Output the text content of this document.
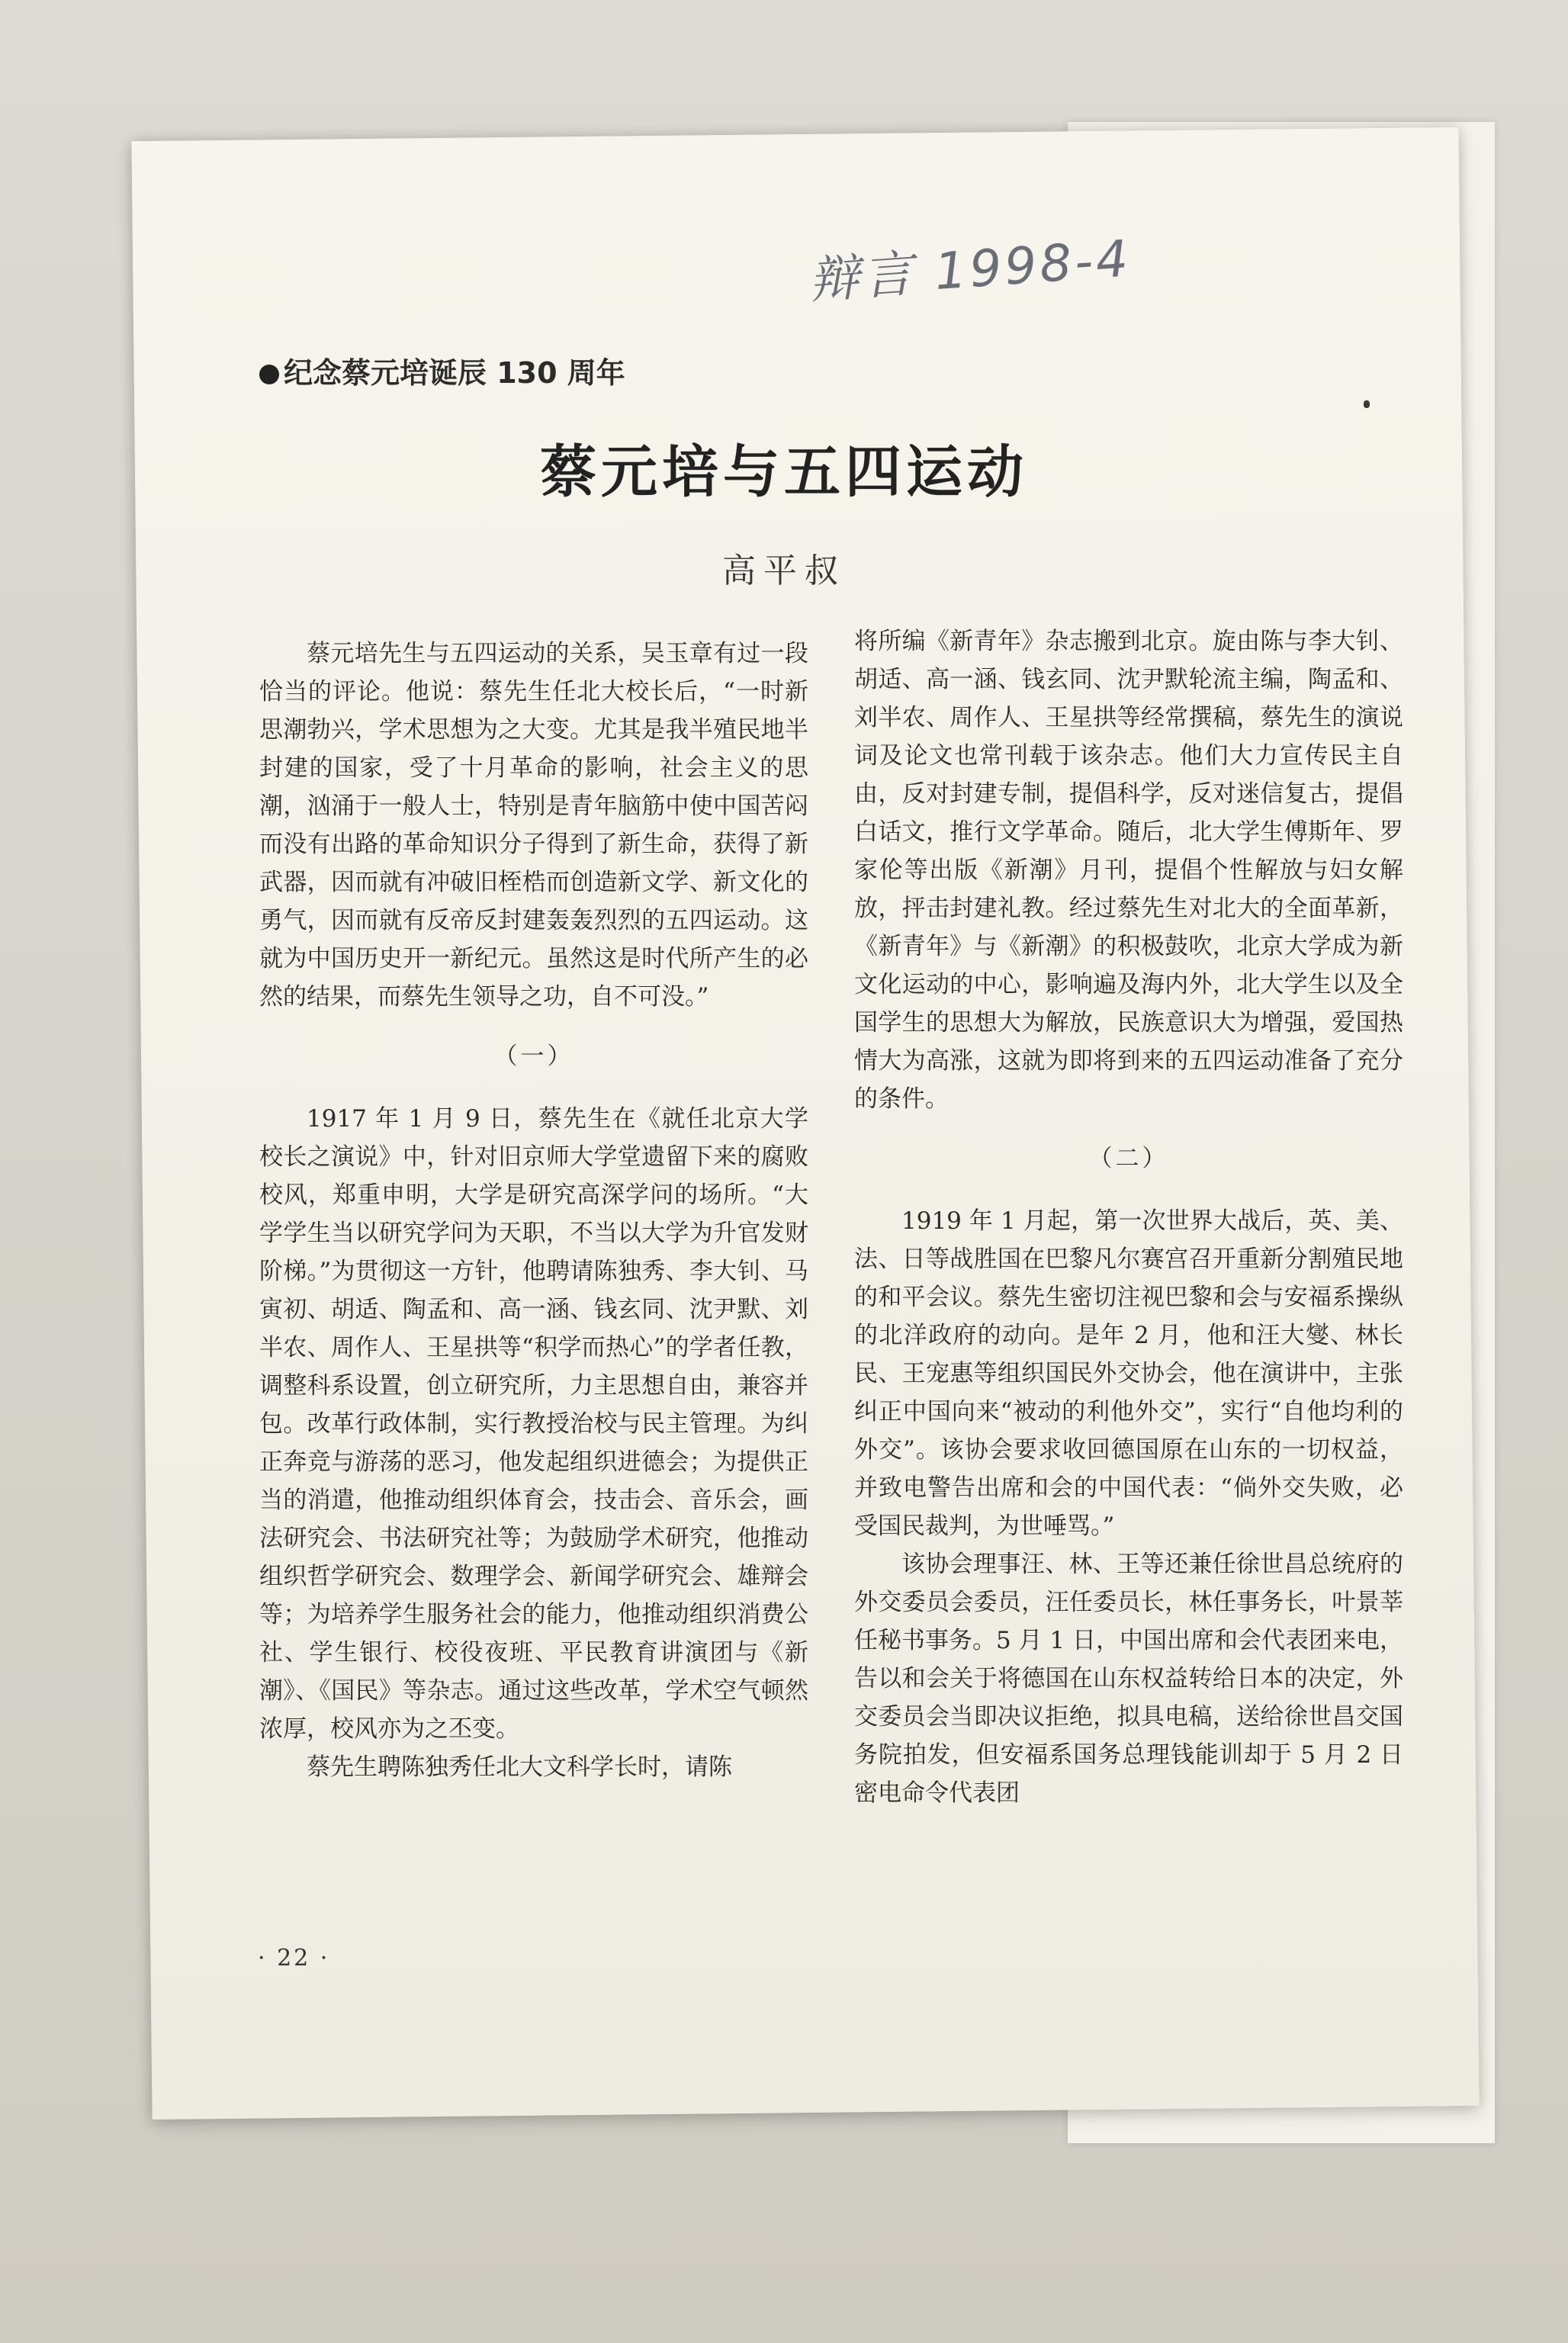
辩言 1998-4
纪念蔡元培诞辰 130 周年
蔡元培与五四运动
高平叔

蔡元培先生与五四运动的关系，吴玉章有过一段恰当的评论。他说：蔡先生任北大校长后，“一时新思潮勃兴，学术思想为之大变。尤其是我半殖民地半封建的国家，受了十月革命的影响，社会主义的思潮，汹涌于一般人士，特别是青年脑筋中使中国苦闷而没有出路的革命知识分子得到了新生命，获得了新武器，因而就有冲破旧桎梏而创造新文学、新文化的勇气，因而就有反帝反封建轰轰烈烈的五四运动。这就为中国历史开一新纪元。虽然这是时代所产生的必然的结果，而蔡先生领导之功，自不可没。”

（一）

1917 年 1 月 9 日，蔡先生在《就任北京大学校长之演说》中，针对旧京师大学堂遗留下来的腐败校风，郑重申明，大学是研究高深学问的场所。“大学学生当以研究学问为天职，不当以大学为升官发财阶梯。”为贯彻这一方针，他聘请陈独秀、李大钊、马寅初、胡适、陶孟和、高一涵、钱玄同、沈尹默、刘半农、周作人、王星拱等“积学而热心”的学者任教，调整科系设置，创立研究所，力主思想自由，兼容并包。改革行政体制，实行教授治校与民主管理。为纠正奔竞与游荡的恶习，他发起组织进德会；为提供正当的消遣，他推动组织体育会，技击会、音乐会，画法研究会、书法研究社等；为鼓励学术研究，他推动组织哲学研究会、数理学会、新闻学研究会、雄辩会等；为培养学生服务社会的能力，他推动组织消费公社、学生银行、校役夜班、平民教育讲演团与《新潮》、《国民》等杂志。通过这些改革，学术空气顿然浓厚，校风亦为之丕变。

蔡先生聘陈独秀任北大文科学长时，请陈

将所编《新青年》杂志搬到北京。旋由陈与李大钊、胡适、高一涵、钱玄同、沈尹默轮流主编，陶孟和、刘半农、周作人、王星拱等经常撰稿，蔡先生的演说词及论文也常刊载于该杂志。他们大力宣传民主自由，反对封建专制，提倡科学，反对迷信复古，提倡白话文，推行文学革命。随后，北大学生傅斯年、罗家伦等出版《新潮》月刊，提倡个性解放与妇女解放，抨击封建礼教。经过蔡先生对北大的全面革新，《新青年》与《新潮》的积极鼓吹，北京大学成为新文化运动的中心，影响遍及海内外，北大学生以及全国学生的思想大为解放，民族意识大为增强，爱国热情大为高涨，这就为即将到来的五四运动准备了充分的条件。

（二）

1919 年 1 月起，第一次世界大战后，英、美、法、日等战胜国在巴黎凡尔赛宫召开重新分割殖民地的和平会议。蔡先生密切注视巴黎和会与安福系操纵的北洋政府的动向。是年 2 月，他和汪大燮、林长民、王宠惠等组织国民外交协会，他在演讲中，主张纠正中国向来“被动的利他外交”，实行“自他均利的外交”。该协会要求收回德国原在山东的一切权益，并致电警告出席和会的中国代表：“倘外交失败，必受国民裁判，为世唾骂。”

该协会理事汪、林、王等还兼任徐世昌总统府的外交委员会委员，汪任委员长，林任事务长，叶景莘任秘书事务。5 月 1 日，中国出席和会代表团来电，告以和会关于将德国在山东权益转给日本的决定，外交委员会当即决议拒绝，拟具电稿，送给徐世昌交国务院拍发，但安福系国务总理钱能训却于 5 月 2 日密电命令代表团

· 22 ·
